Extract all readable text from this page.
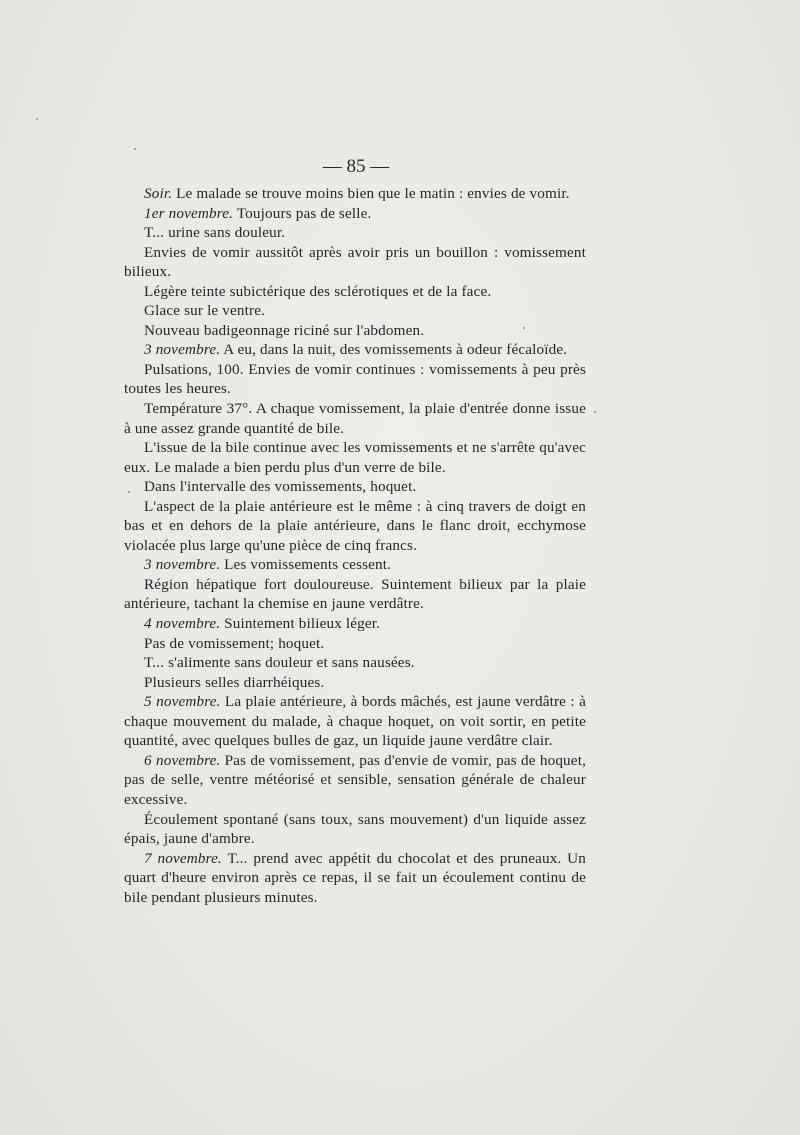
— 85 —

Soir. Le malade se trouve moins bien que le matin : envies de vomir.

1er novembre. Toujours pas de selle.

T... urine sans douleur.

Envies de vomir aussitôt après avoir pris un bouillon : vomissement bilieux.

Légère teinte subictérique des sclérotiques et de la face.

Glace sur le ventre.

Nouveau badigeonnage riciné sur l'abdomen.

3 novembre. A eu, dans la nuit, des vomissements à odeur fécaloïde.

Pulsations, 100. Envies de vomir continues : vomissements à peu près toutes les heures.

Température 37°. A chaque vomissement, la plaie d'entrée donne issue à une assez grande quantité de bile.

L'issue de la bile continue avec les vomissements et ne s'arrête qu'avec eux. Le malade a bien perdu plus d'un verre de bile.

Dans l'intervalle des vomissements, hoquet.

L'aspect de la plaie antérieure est le même : à cinq travers de doigt en bas et en dehors de la plaie antérieure, dans le flanc droit, ecchymose violacée plus large qu'une pièce de cinq francs.

3 novembre. Les vomissements cessent.

Région hépatique fort douloureuse. Suintement bilieux par la plaie antérieure, tachant la chemise en jaune verdâtre.

4 novembre. Suintement bilieux léger.

Pas de vomissement; hoquet.

T... s'alimente sans douleur et sans nausées.

Plusieurs selles diarrhéiques.

5 novembre. La plaie antérieure, à bords mâchés, est jaune verdâtre : à chaque mouvement du malade, à chaque hoquet, on voit sortir, en petite quantité, avec quelques bulles de gaz, un liquide jaune verdâtre clair.

6 novembre. Pas de vomissement, pas d'envie de vomir, pas de hoquet, pas de selle, ventre météorisé et sensible, sensation générale de chaleur excessive.

Écoulement spontané (sans toux, sans mouvement) d'un liquide assez épais, jaune d'ambre.

7 novembre. T... prend avec appétit du chocolat et des pruneaux. Un quart d'heure environ après ce repas, il se fait un écoulement continu de bile pendant plusieurs minutes.
